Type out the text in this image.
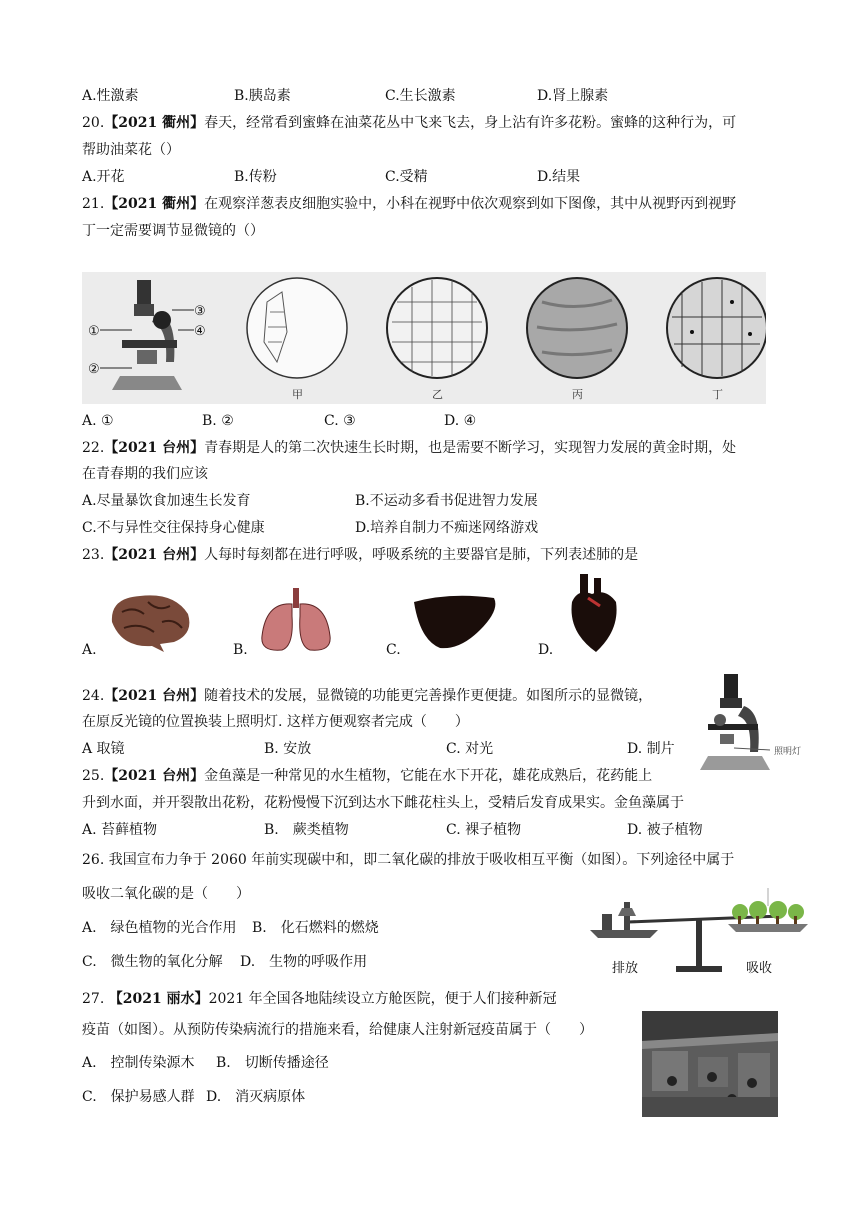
A.性激素	B.胰岛素	C.生长激素	D.肾上腺素
20.【2021 衢州】春天，经常看到蜜蜂在油菜花丛中飞来飞去，身上沾有许多花粉。蜜蜂的这种行为，可
帮助油菜花（）
A.开花	B.传粉	C.受精	D.结果
21.【2021 衢州】在观察洋葱表皮细胞实验中，小科在视野中依次观察到如下图像，其中从视野丙到视野
丁一定需要调节显微镜的（）
①
②
③
④
甲	乙	丙	丁
A. ①	B. ②	C. ③	D. ④
22.【2021 台州】青春期是人的第二次快速生长时期，也是需要不断学习，实现智力发展的黄金时期，处
在青春期的我们应该
A.尽量暴饮食加速生长发育	B.不运动多看书促进智力发展
C.不与异性交往保持身心健康	D.培养自制力不痴迷网络游戏
23.【2021 台州】人每时每刻都在进行呼吸，呼吸系统的主要器官是肺，下列表述肺的是
A.	B.	C.	D.
24.【2021 台州】随着技术的发展，显微镜的功能更完善操作更便捷。如图所示的显微镜，
在原反光镜的位置换装上照明灯. 这样方便观察者完成（　　）
A 取镜	B. 安放	C. 对光	D. 制片	照明灯
25.【2021 台州】金鱼藻是一种常见的水生植物，它能在水下开花，雄花成熟后，花药能上
升到水面，并开裂散出花粉，花粉慢慢下沉到达水下雌花柱头上，受精后发育成果实。金鱼藻属于
A. 苔藓植物	B.　蕨类植物	C. 裸子植物	D. 被子植物
26. 我国宣布力争于 2060 年前实现碳中和，即二氧化碳的排放于吸收相互平衡（如图）。下列途径中属于
吸收二氧化碳的是（　　）
A.　绿色植物的光合作用 B.　化石燃料的燃烧
C.　微生物的氧化分解 D.　生物的呼吸作用	排放	吸收
27. 【2021 丽水】2021 年全国各地陆续设立方舱医院，便于人们接种新冠
疫苗（如图）。从预防传染病流行的措施来看，给健康人注射新冠疫苗属于（　　）
A.　控制传染源木 B.　切断传播途径
C.　保护易感人群 D.　消灭病原体
